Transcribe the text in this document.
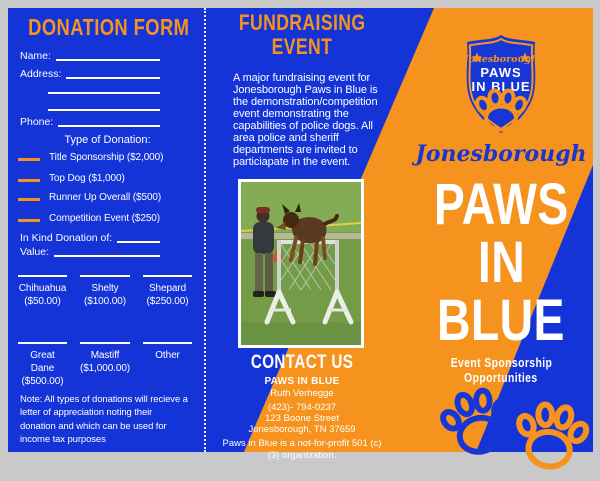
DONATION FORM
Name:
Address:
Phone:
Type of Donation:
Title Sponsorship ($2,000)
Top Dog ($1,000)
Runner Up Overall ($500)
Competition Event ($250)
In Kind Donation of:
Value:
Chihuahua
($50.00)
Shelty
($100.00)
Shepard
($250.00)
Great Dane
($500.00)
Mastiff
($1,000.00)
Other
Note: All types of donations will recieve a
letter of appreciation noting their
donation and which can be used for
income tax purposes
FUNDRAISING
EVENT
A major fundraising event for
Jonesborough Paws in Blue is
the demonstration/competition
event demonstrating the
capabilities of police dogs. All
area police and sheriff
departments are invited to
particiapate in the event.
CONTACT US
PAWS IN BLUE
Ruth Verhegge
(423)- 794-0237
123 Boone Street
Jonesborough, TN 37659
Paws in Blue is a not-for-profit 501 (c)
(3) organization.
Jonesborough
PAWS
IN BLUE
Jonesborough
PAWS
IN
BLUE
Event Sponsorship
Opportunities
